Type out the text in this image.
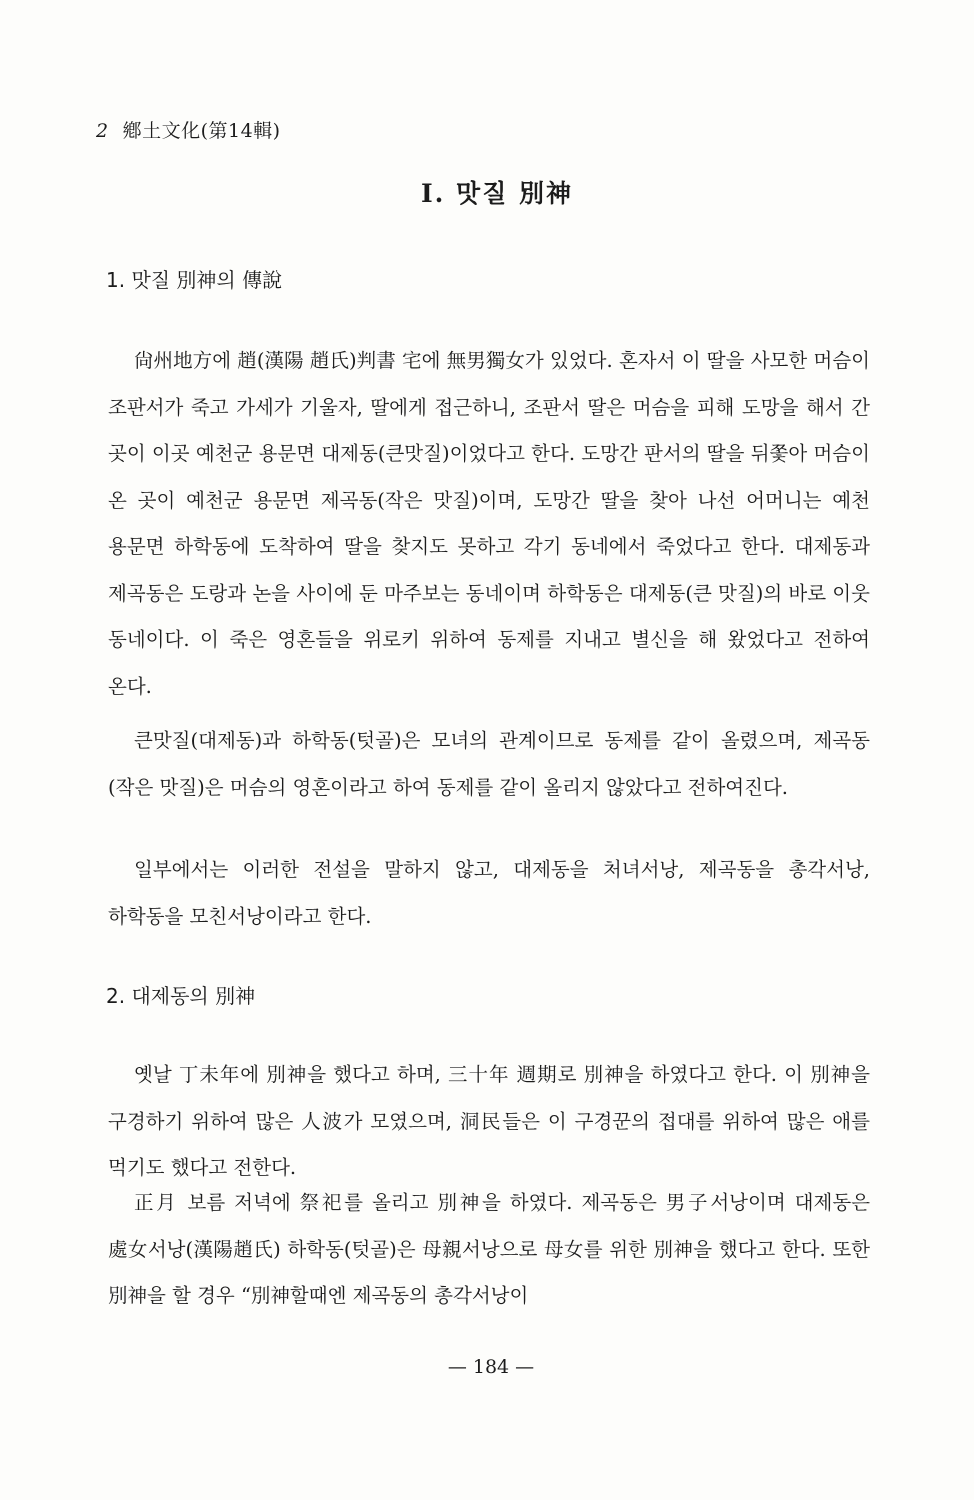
2 鄕土文化(第14輯)
Ⅰ. 맛질 別神
1. 맛질 別神의 傳說

尙州地方에 趙(漢陽 趙氏)判書 宅에 無男獨女가 있었다. 혼자서 이 딸을 사모한 머슴이 조판서가 죽고 가세가 기울자, 딸에게 접근하니, 조판서 딸은 머슴을 피해 도망을 해서 간 곳이 이곳 예천군 용문면 대제동(큰맛질)이었다고 한다. 도망간 판서의 딸을 뒤쫓아 머슴이 온 곳이 예천군 용문면 제곡동(작은 맛질)이며, 도망간 딸을 찾아 나선 어머니는 예천 용문면 하학동에 도착하여 딸을 찾지도 못하고 각기 동네에서 죽었다고 한다. 대제동과 제곡동은 도랑과 논을 사이에 둔 마주보는 동네이며 하학동은 대제동(큰 맛질)의 바로 이웃 동네이다. 이 죽은 영혼들을 위로키 위하여 동제를 지내고 별신을 해 왔었다고 전하여 온다.

큰맛질(대제동)과 하학동(텃골)은 모녀의 관계이므로 동제를 같이 올렸으며, 제곡동(작은 맛질)은 머슴의 영혼이라고 하여 동제를 같이 올리지 않았다고 전하여진다.

일부에서는 이러한 전설을 말하지 않고, 대제동을 처녀서낭, 제곡동을 총각서낭, 하학동을 모친서낭이라고 한다.

2. 대제동의 別神

옛날 丁未年에 別神을 했다고 하며, 三十年 週期로 別神을 하였다고 한다. 이 別神을 구경하기 위하여 많은 人波가 모였으며, 洞民들은 이 구경꾼의 접대를 위하여 많은 애를 먹기도 했다고 전한다.

正月 보름 저녁에 祭祀를 올리고 別神을 하였다. 제곡동은 男子서낭이며 대제동은 處女서낭(漢陽趙氏) 하학동(텃골)은 母親서낭으로 母女를 위한 別神을 했다고 한다. 또한 別神을 할 경우 “別神할때엔 제곡동의 총각서낭이

— 184 —
